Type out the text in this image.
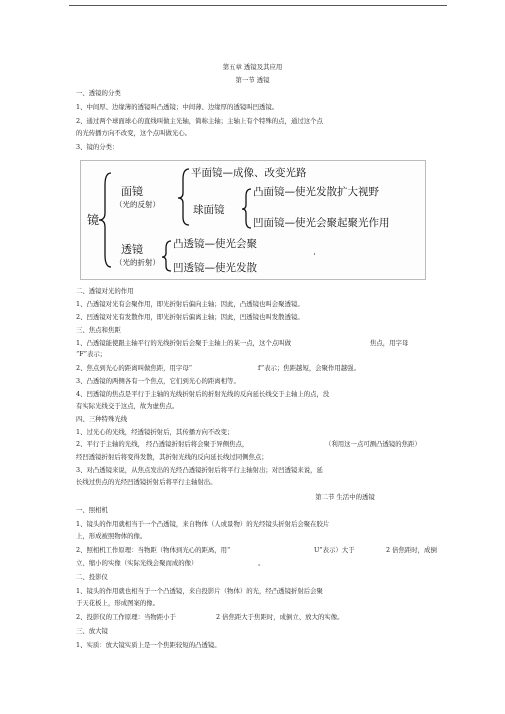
第五章 透镜及其应用
第一节 透镜
一、透镜的分类
1、中间厚、边缘薄的透镜叫凸透镜；中间薄、边缘厚的透镜叫凹透镜。
2、通过两个球面球心的直线叫做主光轴，简称主轴；主轴上有个特殊的点，通过这个点
的光传播方向不改变，这个点叫做光心。
3、镜的分类：
镜
面镜
（光的反射）
平面镜—成像、改变光路
球面镜
凸面镜—使光发散扩大视野
凹面镜—使光会聚起聚光作用
透镜
（光的折射）
凸透镜—使光会聚
凹透镜—使光发散
·
二、透镜对光的作用
1、凸透镜对光有会聚作用，即光折射后偏向主轴；因此，凸透镜也叫会聚透镜。
2、凹透镜对光有发散作用，即光折射后偏离主轴；因此，凹透镜也叫发散透镜。
三、焦点和焦距
1、凸透镜能使跟主轴平行的光线折射后会聚于主轴上的某一点，这个点叫做	焦点，用字母
“F”表示；
2、焦点到光心的距离叫做焦距，用字母“	f”表示；焦距越短，会聚作用越强。
3、凸透镜的两侧各有一个焦点，它们到光心的距离相等。
4、凹透镜的焦点是平行于主轴的光线折射后的折射光线的反向延长线交于主轴上的点，没
有实际光线交于这点，故为虚焦点。
四、三种特殊光线
1、过光心的光线，经透镜折射后，其传播方向不改变；
2、平行于主轴的光线， 经凸透镜折射后将会聚于异侧焦点，	（利用这一点可测凸透镜的焦距）
经凹透镜折射后将变得发散，其折射光线的反向延长线过同侧焦点；
3、对凸透镜来说，从焦点发出的光经凸透镜折射后将平行主轴射出；对凹透镜来说，延
长线过焦点的光经凹透镜折射后将平行主轴射出。
第二节 生活中的透镜
一、照相机
1、镜头的作用就相当于一个凸透镜，来自物体（人或景物）的光经镜头折射后会聚在胶片
上，形成被照物体的像。
2、照相机工作原理：当物距（物体到光心的距离，用“	U”表示）大于	2 倍焦距时，成倒
立、缩小的实像（实际光线会聚而成的像）	。
二、投影仪
1、镜头的作用就也相当于一个凸透镜，来自投影片（物体）的光，经凸透镜折射后会聚
于天花板上，形成图案的像。
2、投影仪的工作原理：当物距小于	2 倍焦距大于焦距时，成倒立、放大的实像。
三、放大镜
1、实质：放大镜实质上是一个焦距较短的凸透镜。
